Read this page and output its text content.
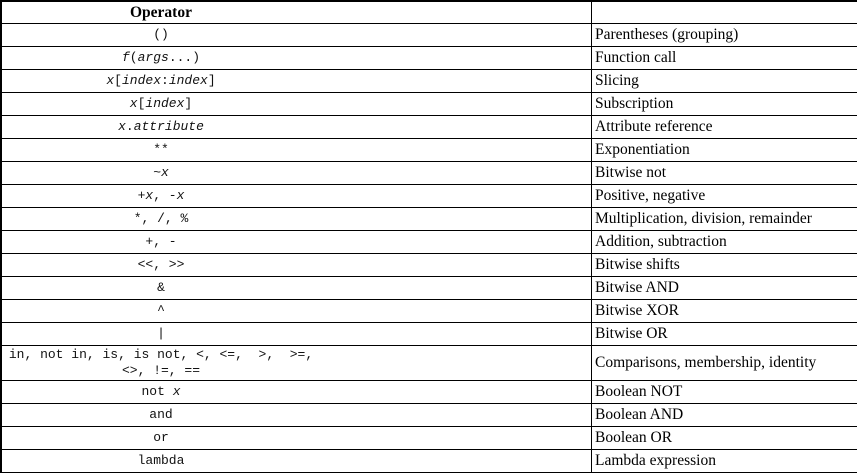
Operator	

()	Parentheses (grouping)

f(args...)	Function call

x[index:index]	Slicing

x[index]	Subscription

x.attribute	Attribute reference

**	Exponentiation

~x	Bitwise not

+x, -x	Positive, negative

*, /, %	Multiplication, division, remainder

+, -	Addition, subtraction

<<, >>	Bitwise shifts

&	Bitwise AND

^	Bitwise XOR

|	Bitwise OR

in, not in, is, is not, <, <=,  >,  >=,
<>, !=, ==	Comparisons, membership, identity

not x	Boolean NOT

and	Boolean AND

or	Boolean OR

lambda	Lambda expression
